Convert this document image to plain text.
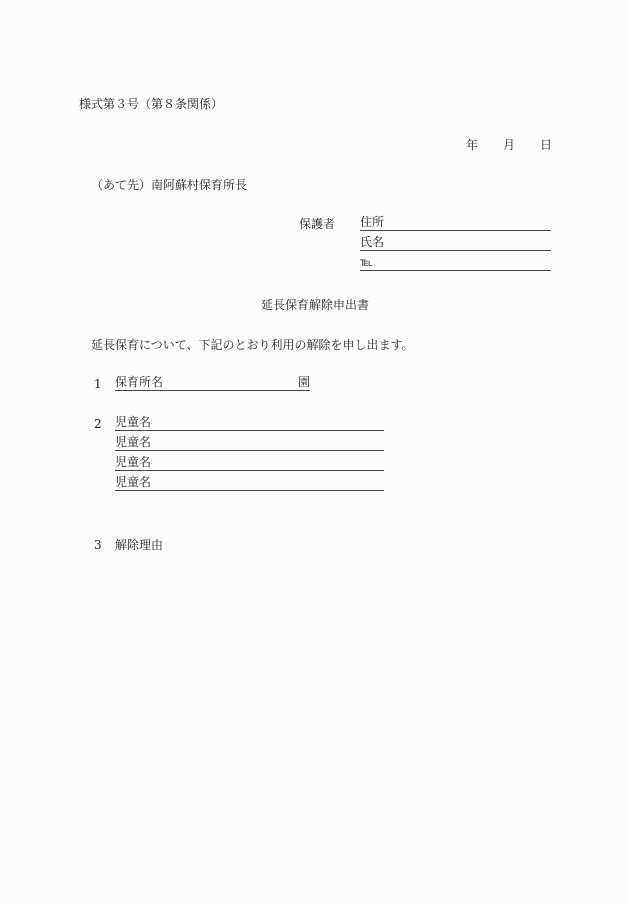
様式第３号（第８条関係）
年 月 日
（あて先）南阿蘇村保育所長
保護者 住所
氏名
℡
延長保育解除申出書
延長保育について、下記のとおり利用の解除を申し出ます。
1 保育所名	園
2 児童名
児童名
児童名
児童名
3 解除理由
